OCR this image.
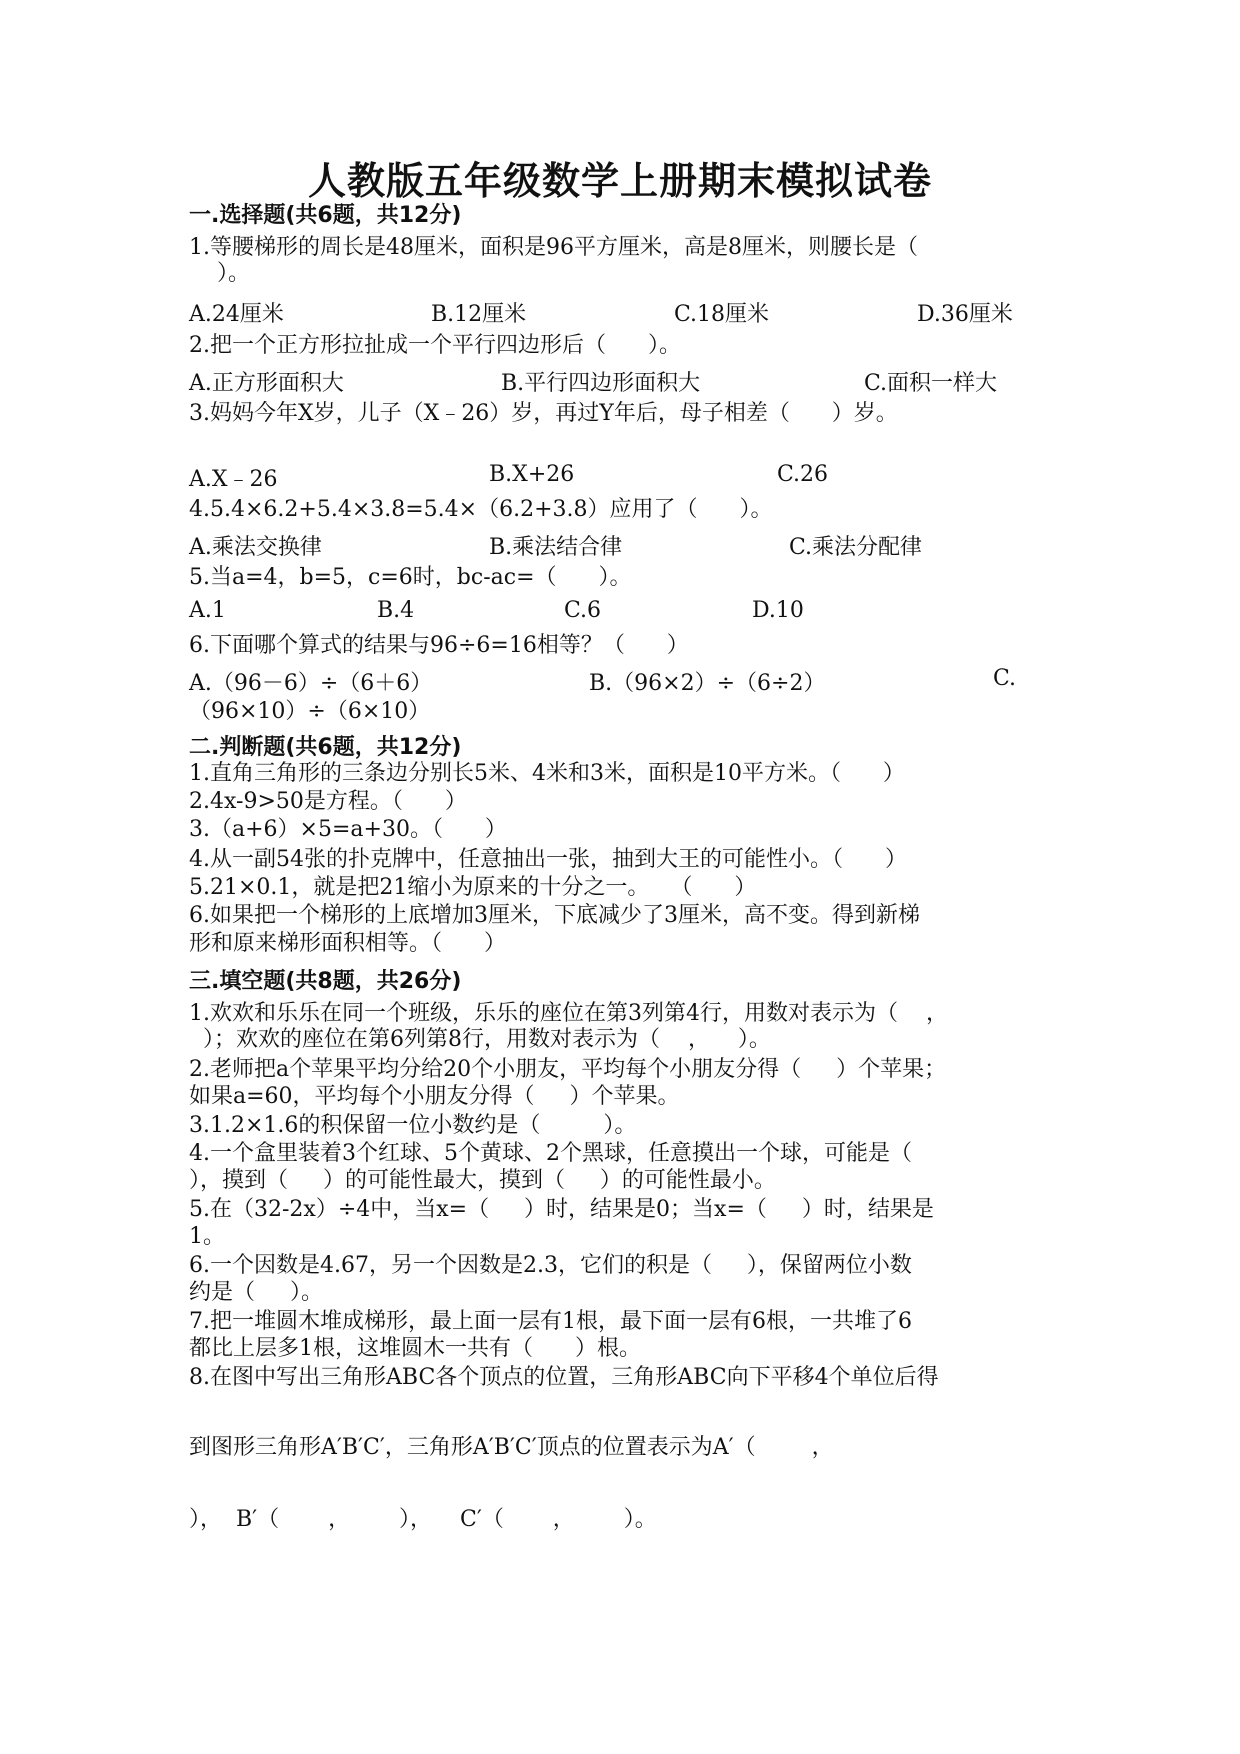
人教版五年级数学上册期末模拟试卷
一.选择题(共6题，共12分)
1.等腰梯形的周长是48厘米，面积是96平方厘米，高是8厘米，则腰长是（
）。
A.24厘米	B.12厘米	C.18厘米	D.36厘米
2.把一个正方形拉扯成一个平行四边形后（      ）。
A.正方形面积大	B.平行四边形面积大	C.面积一样大
3.妈妈今年X岁，儿子（X﹣26）岁，再过Y年后，母子相差（      ）岁。
A.X﹣26	B.X+26	C.26
4.5.4×6.2+5.4×3.8=5.4×（6.2+3.8）应用了（      ）。
A.乘法交换律	B.乘法结合律	C.乘法分配律
5.当a=4，b=5，c=6时，bc-ac=（      ）。
A.1	B.4	C.6	D.10
6.下面哪个算式的结果与96÷6=16相等？（      ）
A.（96－6）÷（6＋6）	B.（96×2）÷（6÷2）	C.
（96×10）÷（6×10）
二.判断题(共6题，共12分)
1.直角三角形的三条边分别长5米、4米和3米，面积是10平方米。（      ）
2.4x-9>50是方程。（      ）
3.（a+6）×5=a+30。（      ）
4.从一副54张的扑克牌中，任意抽出一张，抽到大王的可能性小。（      ）
5.21×0.1，就是把21缩小为原来的十分之一。   （      ）
6.如果把一个梯形的上底增加3厘米，下底减少了3厘米，高不变。得到新梯
形和原来梯形面积相等。（      ）
三.填空题(共8题，共26分)
1.欢欢和乐乐在同一个班级，乐乐的座位在第3列第4行，用数对表示为（    ，
）；欢欢的座位在第6列第8行，用数对表示为（    ，    ）。
2.老师把a个苹果平均分给20个小朋友，平均每个小朋友分得（     ）个苹果；
如果a=60，平均每个小朋友分得（     ）个苹果。
3.1.2×1.6的积保留一位小数约是（         ）。
4.一个盒里装着3个红球、5个黄球、2个黑球，任意摸出一个球，可能是（
），摸到（     ）的可能性最大，摸到（     ）的可能性最小。
5.在（32-2x）÷4中，当x=（     ）时，结果是0；当x=（     ）时，结果是
1。
6.一个因数是4.67，另一个因数是2.3，它们的积是（     ），保留两位小数
约是（     ）。
7.把一堆圆木堆成梯形，最上面一层有1根，最下面一层有6根，一共堆了6
都比上层多1根，这堆圆木一共有（      ）根。
8.在图中写出三角形ABC各个顶点的位置，三角形ABC向下平移4个单位后得
到图形三角形A′B′C′，三角形A′B′C′顶点的位置表示为A′（        ，
），  B′（       ，       ），    C′（       ，       ）。
